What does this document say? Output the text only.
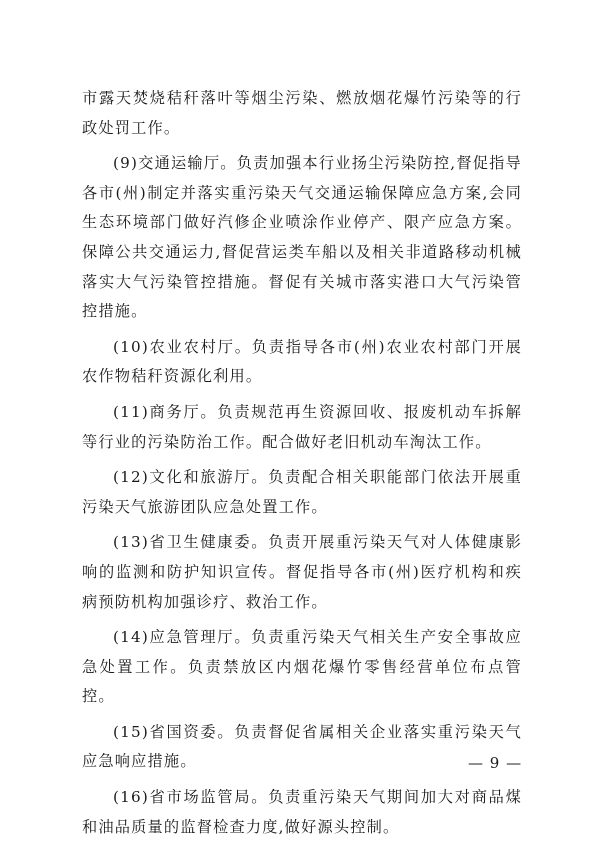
市露天焚烧秸秆落叶等烟尘污染、燃放烟花爆竹污染等的行政处罚工作。

(9)交通运输厅。负责加强本行业扬尘污染防控,督促指导各市(州)制定并落实重污染天气交通运输保障应急方案,会同生态环境部门做好汽修企业喷涂作业停产、限产应急方案。保障公共交通运力,督促营运类车船以及相关非道路移动机械落实大气污染管控措施。督促有关城市落实港口大气污染管控措施。

(10)农业农村厅。负责指导各市(州)农业农村部门开展农作物秸秆资源化利用。

(11)商务厅。负责规范再生资源回收、报废机动车拆解等行业的污染防治工作。配合做好老旧机动车淘汰工作。

(12)文化和旅游厅。负责配合相关职能部门依法开展重污染天气旅游团队应急处置工作。

(13)省卫生健康委。负责开展重污染天气对人体健康影响的监测和防护知识宣传。督促指导各市(州)医疗机构和疾病预防机构加强诊疗、救治工作。

(14)应急管理厅。负责重污染天气相关生产安全事故应急处置工作。负责禁放区内烟花爆竹零售经营单位布点管控。

(15)省国资委。负责督促省属相关企业落实重污染天气应急响应措施。

(16)省市场监管局。负责重污染天气期间加大对商品煤和油品质量的监督检查力度,做好源头控制。

— 9 —
